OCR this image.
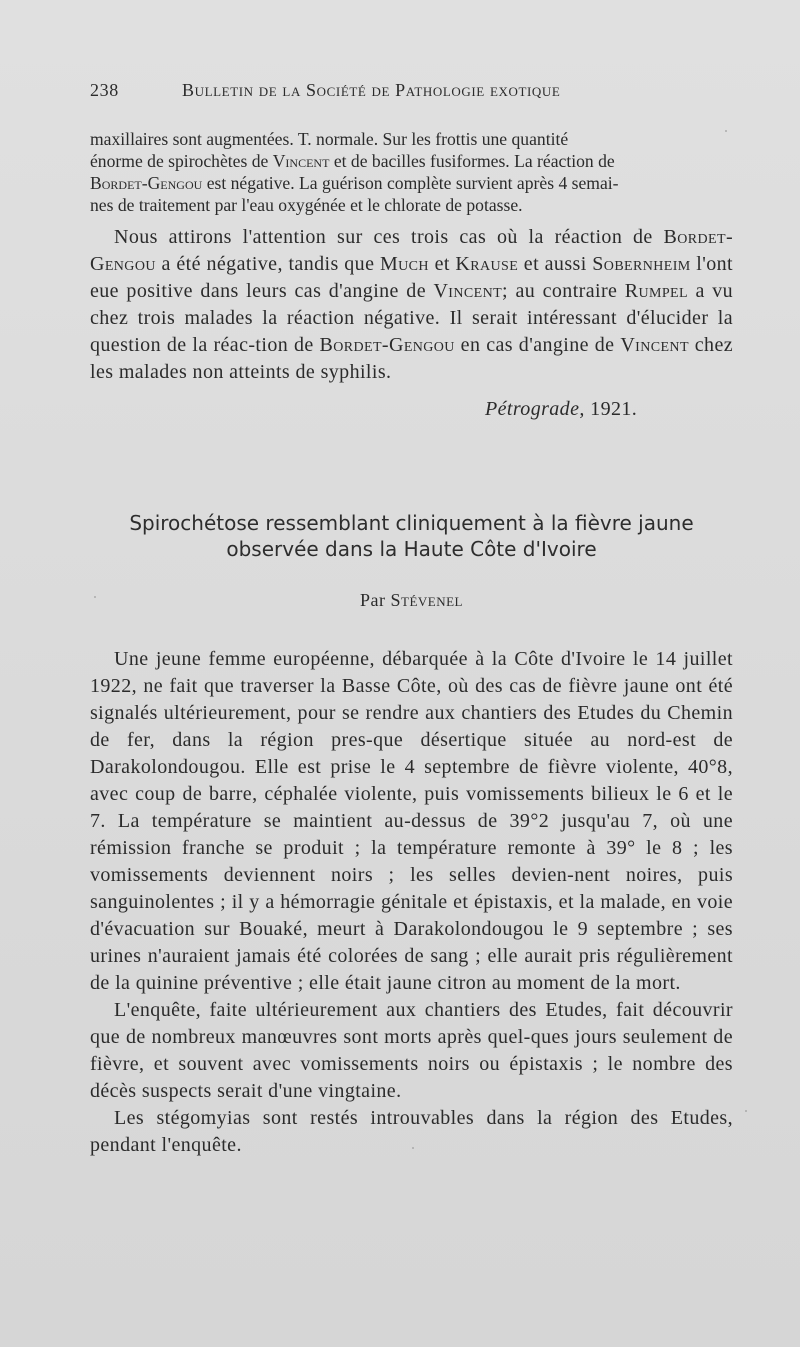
238	Bulletin de la Société de Pathologie exotique

maxillaires sont augmentées. T. normale. Sur les frottis une quantité

énorme de spirochètes de Vincent et de bacilles fusiformes. La réaction de

Bordet-Gengou est négative. La guérison complète survient après 4 semai-

nes de traitement par l'eau oxygénée et le chlorate de potasse.

Nous attirons l'attention sur ces trois cas où la réaction de Bordet-Gengou a été négative, tandis que Much et Krause et aussi Sobernheim l'ont eue positive dans leurs cas d'angine de Vincent; au contraire Rumpel a vu chez trois malades la réaction négative. Il serait intéressant d'élucider la question de la réac-tion de Bordet-Gengou en cas d'angine de Vincent chez les malades non atteints de syphilis.

Pétrograde, 1921.
Spirochétose ressemblant cliniquement à la fièvre jaune
observée dans la Haute Côte d'Ivoire
Par Stévenel

Une jeune femme européenne, débarquée à la Côte d'Ivoire le 14 juillet 1922, ne fait que traverser la Basse Côte, où des cas de fièvre jaune ont été signalés ultérieurement, pour se rendre aux chantiers des Etudes du Chemin de fer, dans la région pres-que désertique située au nord-est de Darakolondougou. Elle est prise le 4 septembre de fièvre violente, 40°8, avec coup de barre, céphalée violente, puis vomissements bilieux le 6 et le 7. La température se maintient au-dessus de 39°2 jusqu'au 7, où une rémission franche se produit ; la température remonte à 39° le 8 ; les vomissements deviennent noirs ; les selles devien-nent noires, puis sanguinolentes ; il y a hémorragie génitale et épistaxis, et la malade, en voie d'évacuation sur Bouaké, meurt à Darakolondougou le 9 septembre ; ses urines n'auraient jamais été colorées de sang ; elle aurait pris régulièrement de la quinine préventive ; elle était jaune citron au moment de la mort.

L'enquête, faite ultérieurement aux chantiers des Etudes, fait découvrir que de nombreux manœuvres sont morts après quel-ques jours seulement de fièvre, et souvent avec vomissements noirs ou épistaxis ; le nombre des décès suspects serait d'une vingtaine.

Les stégomyias sont restés introuvables dans la région des Etudes, pendant l'enquête.
